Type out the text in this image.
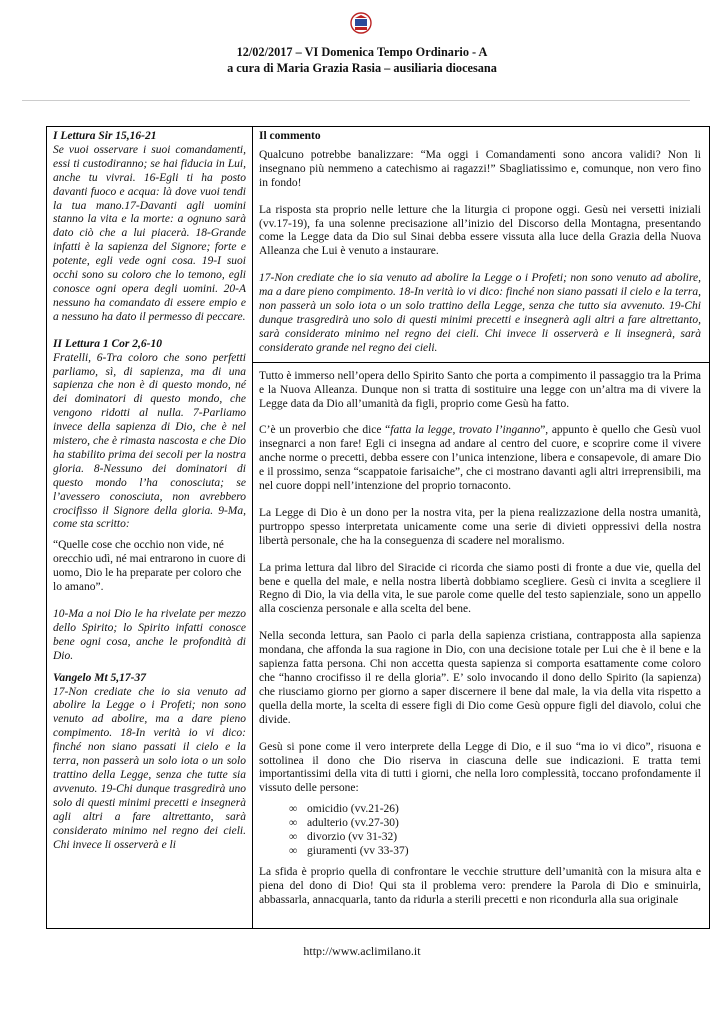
12/02/2017 – VI Domenica Tempo Ordinario - A
a cura di Maria Grazia Rasia – ausiliaria diocesana

I Lettura Sir 15,16-21

Se vuoi osservare i suoi comandamenti, essi ti custodiranno; se hai fiducia in Lui, anche tu vivrai. 16-Egli ti ha posto davanti fuoco e acqua: là dove vuoi tendi la tua mano.17-Davanti agli uomini stanno la vita e la morte: a ognuno sarà dato ciò che a lui piacerà. 18-Grande infatti è la sapienza del Signore; forte e potente, egli vede ogni cosa. 19-I suoi occhi sono su coloro che lo temono, egli conosce ogni opera degli uomini. 20-A nessuno ha comandato di essere empio e a nessuno ha dato il permesso di peccare.

II Lettura 1 Cor 2,6-10

Fratelli, 6-Tra coloro che sono perfetti parliamo, sì, di sapienza, ma di una sapienza che non è di questo mondo, né dei dominatori di questo mondo, che vengono ridotti al nulla. 7-Parliamo invece della sapienza di Dio, che è nel mistero, che è rimasta nascosta e che Dio ha stabilito prima dei secoli per la nostra gloria. 8-Nessuno dei dominatori di questo mondo l’ha conosciuta; se l’avessero conosciuta, non avrebbero crocifisso il Signore della gloria. 9-Ma, come sta scritto:

“Quelle cose che occhio non vide, né orecchio udì, né mai entrarono in cuore di uomo, Dio le ha preparate per coloro che lo amano”.

10-Ma a noi Dio le ha rivelate per mezzo dello Spirito; lo Spirito infatti conosce bene ogni cosa, anche le profondità di Dio.

Vangelo Mt 5,17-37

17-Non crediate che io sia venuto ad abolire la Legge o i Profeti; non sono venuto ad abolire, ma a dare pieno compimento. 18-In verità io vi dico: finché non siano passati il cielo e la terra, non passerà un solo iota o un solo trattino della Legge, senza che tutte sia avvenuto. 19-Chi dunque trasgredirà uno solo di questi minimi precetti e insegnerà agli altri a fare altrettanto, sarà considerato minimo nel regno dei cieli. Chi invece li osserverà e li

Il commento

Qualcuno potrebbe banalizzare: “Ma oggi i Comandamenti sono ancora validi? Non li insegnano più nemmeno a catechismo ai ragazzi!” Sbagliatissimo e, comunque, non vero fino in fondo!

La risposta sta proprio nelle letture che la liturgia ci propone oggi. Gesù nei versetti iniziali (vv.17-19), fa una solenne precisazione all’inizio del Discorso della Montagna, presentando come la Legge data da Dio sul Sinai debba essere vissuta alla luce della Grazia della Nuova Alleanza che Lui è venuto a instaurare.

17-Non crediate che io sia venuto ad abolire la Legge o i Profeti; non sono venuto ad abolire, ma a dare pieno compimento. 18-In verità io vi dico: finché non siano passati il cielo e la terra, non passerà un solo iota o un solo trattino della Legge, senza che tutto sia avvenuto. 19-Chi dunque trasgredirà uno solo di questi minimi precetti e insegnerà agli altri a fare altrettanto, sarà considerato minimo nel regno dei cieli. Chi invece li osserverà e li insegnerà, sarà considerato grande nel regno dei cieli.

Tutto è immerso nell’opera dello Spirito Santo che porta a compimento il passaggio tra la Prima e la Nuova Alleanza. Dunque non si tratta di sostituire una legge con un’altra ma di vivere la Legge data da Dio all’umanità da figli, proprio come Gesù ha fatto.

C’è un proverbio che dice “fatta la legge, trovato l’inganno”, appunto è quello che Gesù vuol insegnarci a non fare! Egli ci insegna ad andare al centro del cuore, e scoprire come il vivere anche norme o precetti, debba essere con l’unica intenzione, libera e consapevole, di amare Dio e il prossimo, senza “scappatoie farisaiche”, che ci mostrano davanti agli altri irreprensibili, ma nel cuore doppi nell’intenzione del proprio tornaconto.

La Legge di Dio è un dono per la nostra vita, per la piena realizzazione della nostra umanità, purtroppo spesso interpretata unicamente come una serie di divieti oppressivi della nostra libertà personale, che ha la conseguenza di scadere nel moralismo.

La prima lettura dal libro del Siracide ci ricorda che siamo posti di fronte a due vie, quella del bene e quella del male, e nella nostra libertà dobbiamo scegliere. Gesù ci invita a scegliere il Regno di Dio, la via della vita, le sue parole come quelle del testo sapienziale, sono un appello alla coscienza personale e alla scelta del bene.

Nella seconda lettura, san Paolo ci parla della sapienza cristiana, contrapposta alla sapienza mondana, che affonda la sua ragione in Dio, con una decisione totale per Lui che è il bene e la sapienza fatta persona. Chi non accetta questa sapienza si comporta esattamente come coloro che “hanno crocifisso il re della gloria”. E’ solo invocando il dono dello Spirito (la sapienza) che riusciamo giorno per giorno a saper discernere il bene dal male, la via della vita rispetto a quella della morte, la scelta di essere figli di Dio come Gesù oppure figli del diavolo, colui che divide.

Gesù si pone come il vero interprete della Legge di Dio, e il suo “ma io vi dico”, risuona e sottolinea il dono che Dio riserva in ciascuna delle sue indicazioni. E tratta temi importantissimi della vita di tutti i giorni, che nella loro complessità, toccano profondamente il vissuto delle persone:

∞ omicidio (vv.21-26)
∞ adulterio (vv.27-30)
∞ divorzio (vv 31-32)
∞ giuramenti (vv 33-37)

La sfida è proprio quella di confrontare le vecchie strutture dell’umanità con la misura alta e piena del dono di Dio! Qui sta il problema vero: prendere la Parola di Dio e sminuirla, abbassarla, annacquarla, tanto da ridurla a sterili precetti e non ricondurla alla sua originale

http://www.aclimilano.it
